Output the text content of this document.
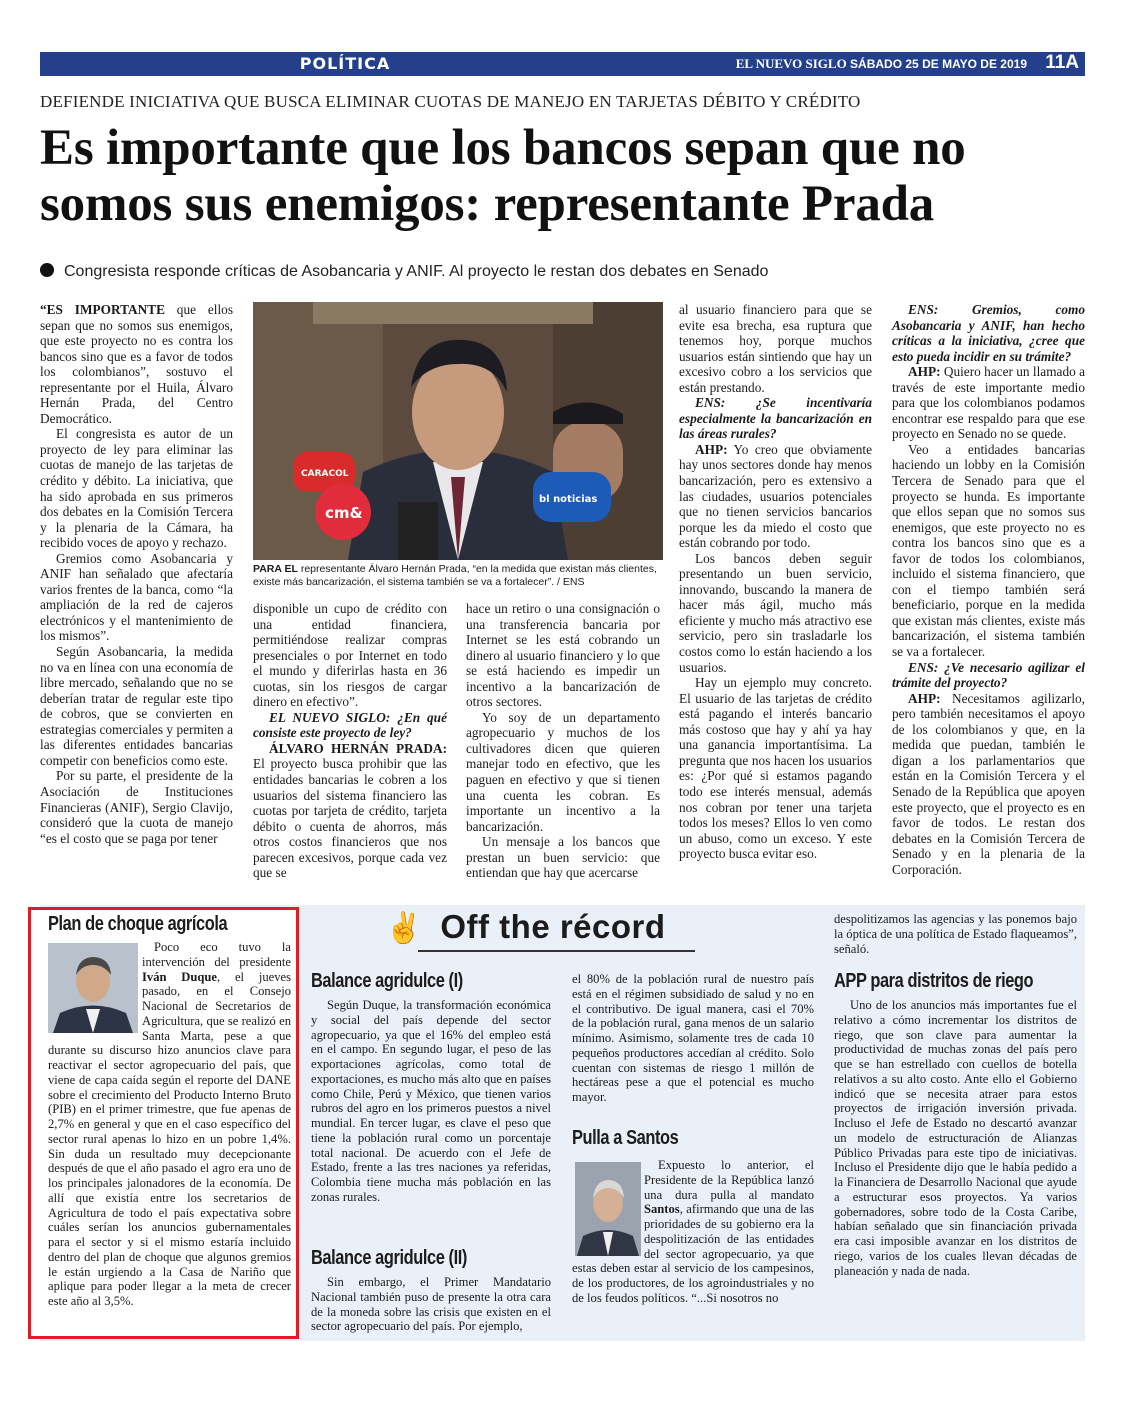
POLÍTICA	EL NUEVO SIGLO SÁBADO 25 DE MAYO DE 2019 11A
DEFIENDE INICIATIVA QUE BUSCA ELIMINAR CUOTAS DE MANEJO EN TARJETAS DÉBITO Y CRÉDITO
Es importante que los bancos sepan que no
somos sus enemigos: representante Prada
Congresista responde críticas de Asobancaria y ANIF. Al proyecto le restan dos debates en Senado

“ES IMPORTANTE que ellos sepan que no somos sus enemigos, que este proyecto no es contra los bancos sino que es a favor de todos los colombianos”, sostuvo el representante por el Huila, Álvaro Hernán Prada, del Centro Democrático.

El congresista es autor de un proyecto de ley para eliminar las cuotas de manejo de las tarjetas de crédito y débito. La iniciativa, que ha sido aprobada en sus primeros dos debates en la Comisión Tercera y la plenaria de la Cámara, ha recibido voces de apoyo y rechazo.

Gremios como Asobancaria y ANIF han señalado que afectaría varios frentes de la banca, como “la ampliación de la red de cajeros electrónicos y el mantenimiento de los mismos”.

Según Asobancaria, la medida no va en línea con una economía de libre mercado, señalando que no se deberían tratar de regular este tipo de cobros, que se convierten en estrategias comerciales y permiten a las diferentes entidades bancarias competir con beneficios como este.

Por su parte, el presidente de la Asociación de Instituciones Financieras (ANIF), Sergio Clavijo, consideró que la cuota de manejo “es el costo que se paga por tener

CARACOL
cm&
bl noticias
PARA EL representante Álvaro Hernán Prada, “en la medida que existan más clientes, existe más bancarización, el sistema también se va a fortalecer”. / ENS

disponible un cupo de crédito con una entidad financiera, permitiéndose realizar compras presenciales o por Internet en todo el mundo y diferirlas hasta en 36 cuotas, sin los riesgos de cargar dinero en efectivo”.

EL NUEVO SIGLO: ¿En qué consiste este proyecto de ley?

ÁLVARO HERNÁN PRADA: El proyecto busca prohibir que las entidades bancarias le cobren a los usuarios del sistema financiero las cuotas por tarjeta de crédito, tarjeta débito o cuenta de ahorros, más otros costos financieros que nos parecen excesivos, porque cada vez que se

hace un retiro o una consignación o una transferencia bancaria por Internet se les está cobrando un dinero al usuario financiero y lo que se está haciendo es impedir un incentivo a la bancarización de otros sectores.

Yo soy de un departamento agropecuario y muchos de los cultivadores dicen que quieren manejar todo en efectivo, que les paguen en efectivo y que si tienen una cuenta les cobran. Es importante un incentivo a la bancarización.

Un mensaje a los bancos que prestan un buen servicio: que entiendan que hay que acercarse

al usuario financiero para que se evite esa brecha, esa ruptura que tenemos hoy, porque muchos usuarios están sintiendo que hay un excesivo cobro a los servicios que están prestando.

ENS: ¿Se incentivaría especialmente la bancarización en las áreas rurales?

AHP: Yo creo que obviamente hay unos sectores donde hay menos bancarización, pero es extensivo a las ciudades, usuarios potenciales que no tienen servicios bancarios porque les da miedo el costo que están cobrando por todo.

Los bancos deben seguir presentando un buen servicio, innovando, buscando la manera de hacer más ágil, mucho más eficiente y mucho más atractivo ese servicio, pero sin trasladarle los costos como lo están haciendo a los usuarios.

Hay un ejemplo muy concreto. El usuario de las tarjetas de crédito está pagando el interés bancario más costoso que hay y ahí ya hay una ganancia importantísima. La pregunta que nos hacen los usuarios es: ¿Por qué si estamos pagando todo ese interés mensual, además nos cobran por tener una tarjeta todos los meses? Ellos lo ven como un abuso, como un exceso. Y este proyecto busca evitar eso.

ENS: Gremios, como Asobancaria y ANIF, han hecho críticas a la iniciativa, ¿cree que esto pueda incidir en su trámite?

AHP: Quiero hacer un llamado a través de este importante medio para que los colombianos podamos encontrar ese respaldo para que ese proyecto en Senado no se quede.

Veo a entidades bancarias haciendo un lobby en la Comisión Tercera de Senado para que el proyecto se hunda. Es importante que ellos sepan que no somos sus enemigos, que este proyecto no es contra los bancos sino que es a favor de todos los colombianos, incluido el sistema financiero, que con el tiempo también será beneficiario, porque en la medida que existan más clientes, existe más bancarización, el sistema también se va a fortalecer.

ENS: ¿Ve necesario agilizar el trámite del proyecto?

AHP: Necesitamos agilizarlo, pero también necesitamos el apoyo de los colombianos y que, en la medida que puedan, también le digan a los parlamentarios que están en la Comisión Tercera y el Senado de la República que apoyen este proyecto, que el proyecto es en favor de todos. Le restan dos debates en la Comisión Tercera de Senado y en la plenaria de la Corporación.

Plan de choque agrícola

Poco eco tuvo la intervención del presidente Iván Duque, el jueves pasado, en el Consejo Nacional de Secretarios de Agricultura, que se realizó en Santa Marta, pese a que durante su discurso hizo anuncios clave para reactivar el sector agropecuario del país, que viene de capa caída según el reporte del DANE sobre el crecimiento del Producto Interno Bruto (PIB) en el primer trimestre, que fue apenas de 2,7% en general y que en el caso específico del sector rural apenas lo hizo en un pobre 1,4%. Sin duda un resultado muy decepcionante después de que el año pasado el agro era uno de los principales jalonadores de la economía. De allí que existía entre los secretarios de Agricultura de todo el país expectativa sobre cuáles serían los anuncios gubernamentales para el sector y si el mismo estaría incluido dentro del plan de choque que algunos gremios le están urgiendo a la Casa de Nariño que aplique para poder llegar a la meta de crecer este año al 3,5%.

✌ Off the récord
Balance agridulce (I)

Según Duque, la transformación económica y social del país depende del sector agropecuario, ya que el 16% del empleo está en el campo. En segundo lugar, el peso de las exportaciones agrícolas, como total de exportaciones, es mucho más alto que en países como Chile, Perú y México, que tienen varios rubros del agro en los primeros puestos a nivel mundial. En tercer lugar, es clave el peso que tiene la población rural como un porcentaje total nacional. De acuerdo con el Jefe de Estado, frente a las tres naciones ya referidas, Colombia tiene mucha más población en las zonas rurales.

Balance agridulce (II)

Sin embargo, el Primer Mandatario Nacional también puso de presente la otra cara de la moneda sobre las crisis que existen en el sector agropecuario del país. Por ejemplo,

el 80% de la población rural de nuestro país está en el régimen subsidiado de salud y no en el contributivo. De igual manera, casi el 70% de la población rural, gana menos de un salario mínimo. Asimismo, solamente tres de cada 10 pequeños productores accedían al crédito. Solo cuentan con sistemas de riesgo 1 millón de hectáreas pese a que el potencial es mucho mayor.

Pulla a Santos

Expuesto lo anterior, el Presidente de la República lanzó una dura pulla al mandato Santos, afirmando que una de las prioridades de su gobierno era la despolitización de las entidades del sector agropecuario, ya que estas deben estar al servicio de los campesinos, de los productores, de los agroindustriales y no de los feudos políticos. “...Si nosotros no

despolitizamos las agencias y las ponemos bajo la óptica de una política de Estado flaqueamos”, señaló.

APP para distritos de riego

Uno de los anuncios más importantes fue el relativo a cómo incrementar los distritos de riego, que son clave para aumentar la productividad de muchas zonas del país pero que se han estrellado con cuellos de botella relativos a su alto costo. Ante ello el Gobierno indicó que se necesita atraer para estos proyectos de irrigación inversión privada. Incluso el Jefe de Estado no descartó avanzar un modelo de estructuración de Alianzas Público Privadas para este tipo de iniciativas. Incluso el Presidente dijo que le había pedido a la Financiera de Desarrollo Nacional que ayude a estructurar esos proyectos. Ya varios gobernadores, sobre todo de la Costa Caribe, habían señalado que sin financiación privada era casi imposible avanzar en los distritos de riego, varios de los cuales llevan décadas de planeación y nada de nada.
